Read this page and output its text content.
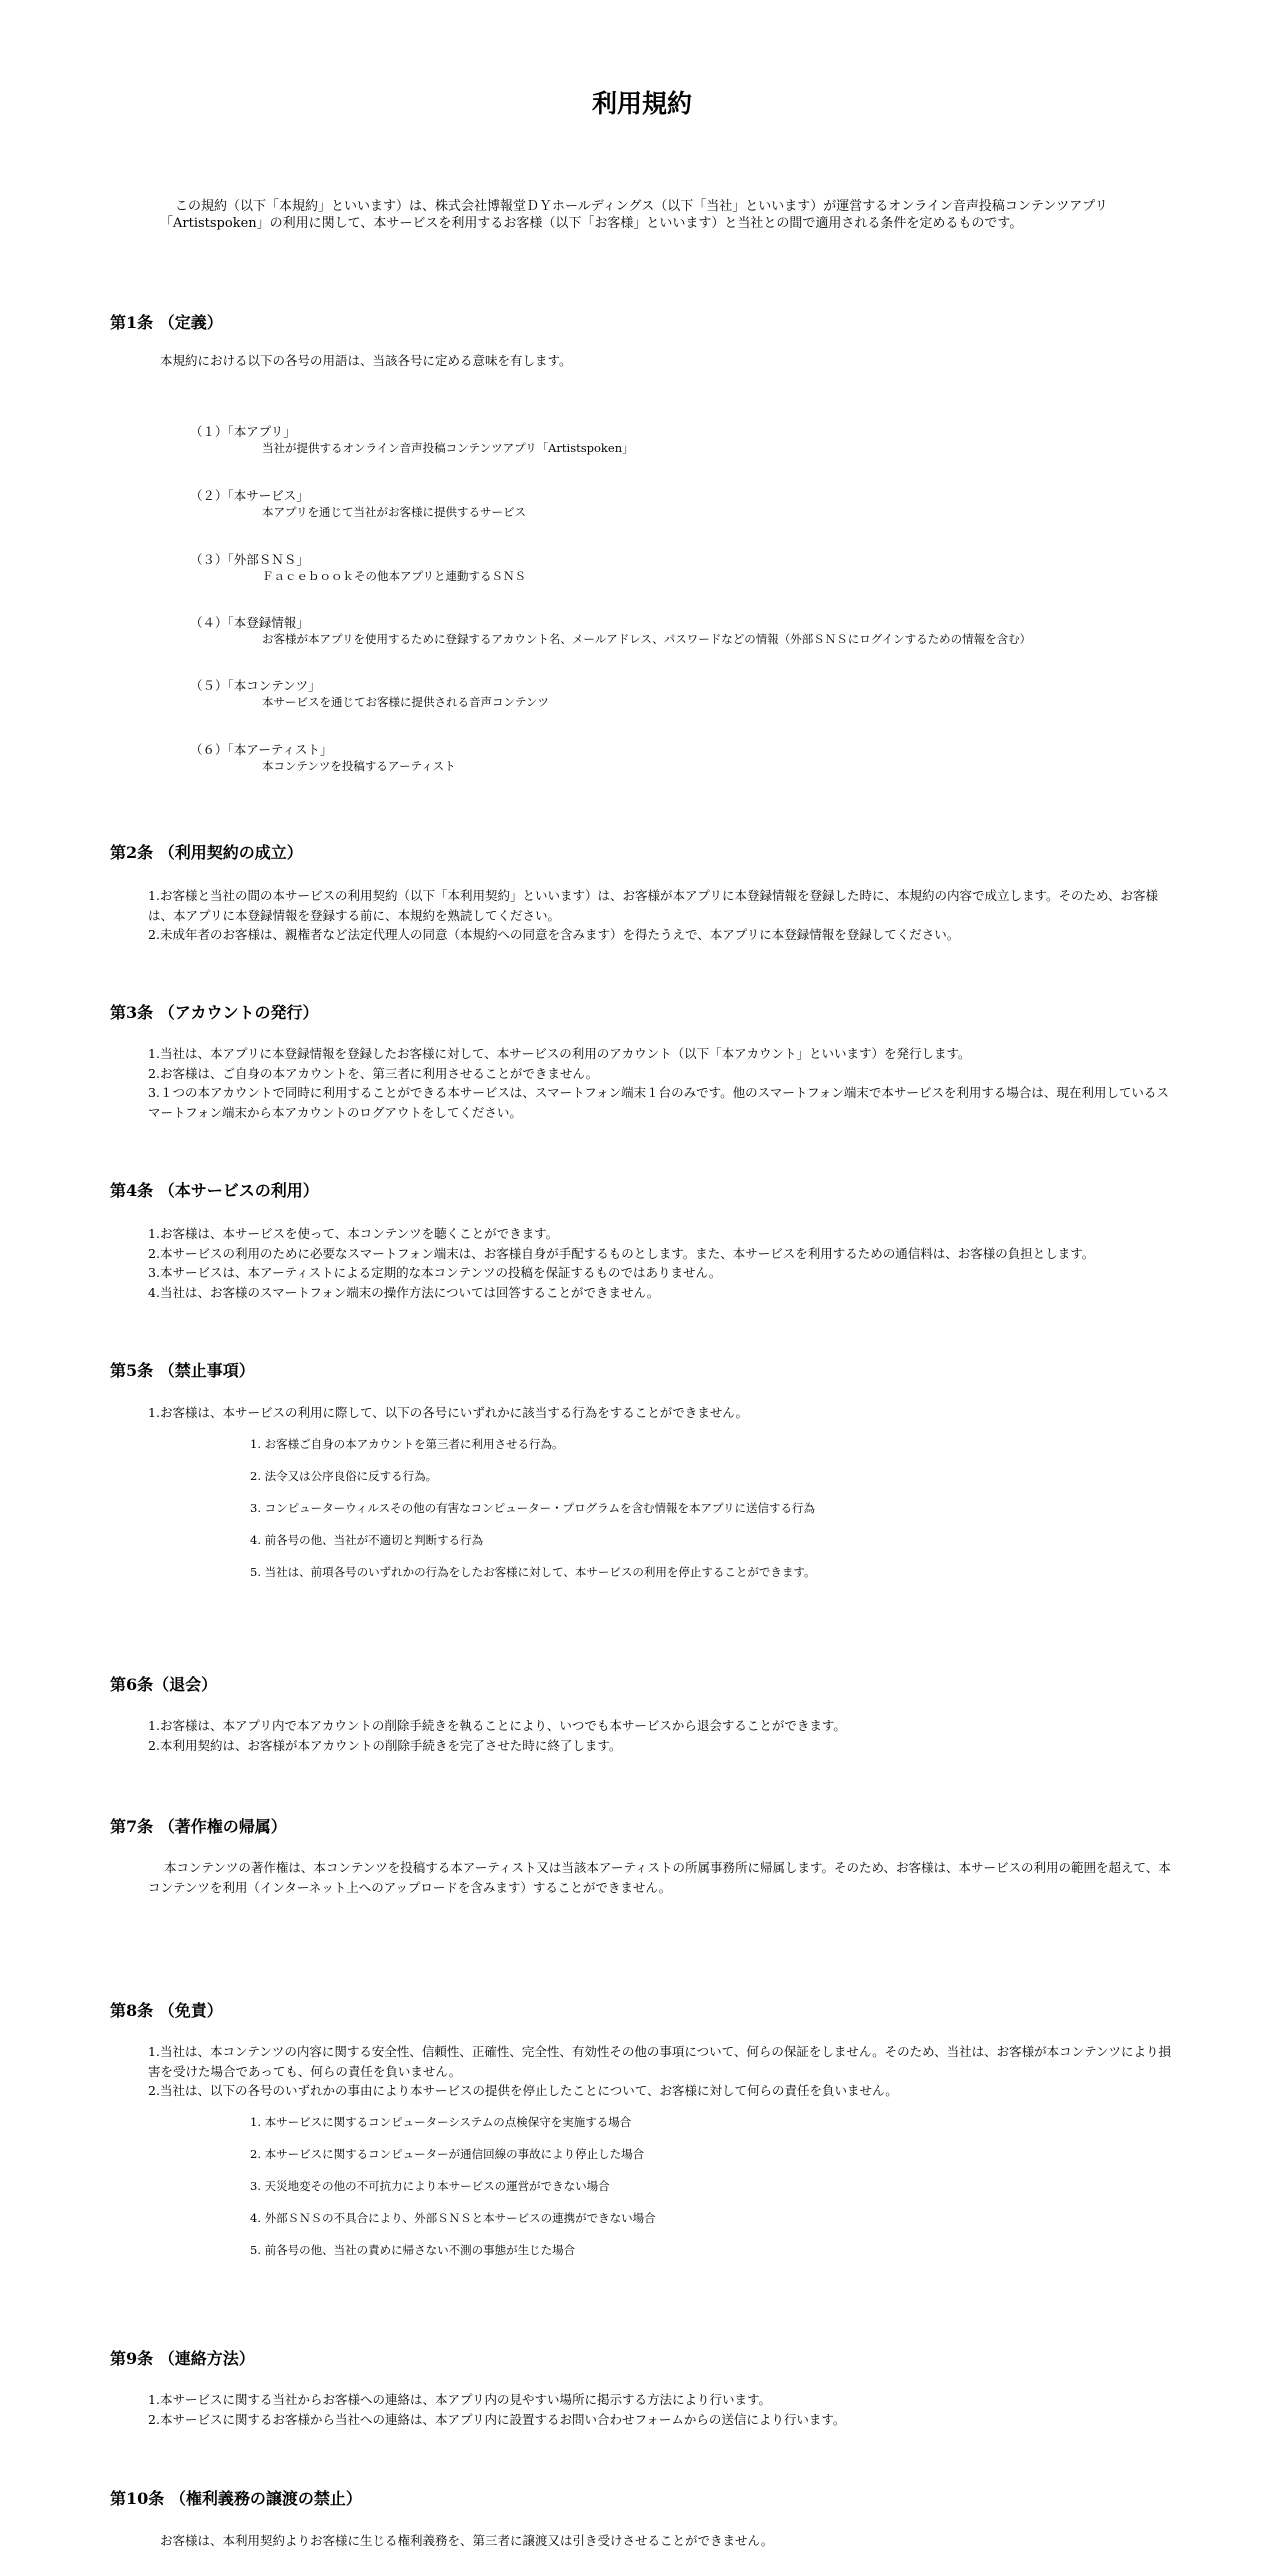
利用規約

この規約（以下「本規約」といいます）は、株式会社博報堂ＤＹホールディングス（以下「当社」といいます）が運営するオンライン音声投稿コンテンツアプリ「Artistspoken」の利用に関して、本サービスを利用するお客様（以下「お客様」といいます）と当社との間で適用される条件を定めるものです。

第1条 （定義）

本規約における以下の各号の用語は、当該各号に定める意味を有します。

（１）「本アプリ」
当社が提供するオンライン音声投稿コンテンツアプリ「Artistspoken」
（２）「本サービス」
本アプリを通じて当社がお客様に提供するサービス
（３）「外部ＳＮＳ」
Ｆａｃｅｂｏｏｋその他本アプリと連動するＳＮＳ
（４）「本登録情報」
お客様が本アプリを使用するために登録するアカウント名、メールアドレス、パスワードなどの情報（外部ＳＮＳにログインするための情報を含む）
（５）「本コンテンツ」
本サービスを通じてお客様に提供される音声コンテンツ
（６）「本アーティスト」
本コンテンツを投稿するアーティスト
第2条 （利用契約の成立）
1.お客様と当社の間の本サービスの利用契約（以下「本利用契約」といいます）は、お客様が本アプリに本登録情報を登録した時に、本規約の内容で成立します。そのため、お客様は、本アプリに本登録情報を登録する前に、本規約を熟読してください。
2.未成年者のお客様は、親権者など法定代理人の同意（本規約への同意を含みます）を得たうえで、本アプリに本登録情報を登録してください。
第3条 （アカウントの発行）
1.当社は、本アプリに本登録情報を登録したお客様に対して、本サービスの利用のアカウント（以下「本アカウント」といいます）を発行します。
2.お客様は、ご自身の本アカウントを、第三者に利用させることができません。
3.１つの本アカウントで同時に利用することができる本サービスは、スマートフォン端末１台のみです。他のスマートフォン端末で本サービスを利用する場合は、現在利用しているスマートフォン端末から本アカウントのログアウトをしてください。
第4条 （本サービスの利用）
1.お客様は、本サービスを使って、本コンテンツを聴くことができます。
2.本サービスの利用のために必要なスマートフォン端末は、お客様自身が手配するものとします。また、本サービスを利用するための通信料は、お客様の負担とします。
3.本サービスは、本アーティストによる定期的な本コンテンツの投稿を保証するものではありません。
4.当社は、お客様のスマートフォン端末の操作方法については回答することができません。
第5条 （禁止事項）
1.お客様は、本サービスの利用に際して、以下の各号にいずれかに該当する行為をすることができません。

1. お客様ご自身の本アカウントを第三者に利用させる行為。

2. 法令又は公序良俗に反する行為。

3. コンピューターウィルスその他の有害なコンピューター・プログラムを含む情報を本アプリに送信する行為

4. 前各号の他、当社が不適切と判断する行為

5. 当社は、前項各号のいずれかの行為をしたお客様に対して、本サービスの利用を停止することができます。

第6条（退会）
1.お客様は、本アプリ内で本アカウントの削除手続きを執ることにより、いつでも本サービスから退会することができます。
2.本利用契約は、お客様が本アカウントの削除手続きを完了させた時に終了します。
第7条 （著作権の帰属）

本コンテンツの著作権は、本コンテンツを投稿する本アーティスト又は当該本アーティストの所属事務所に帰属します。そのため、お客様は、本サービスの利用の範囲を超えて、本コンテンツを利用（インターネット上へのアップロードを含みます）することができません。

第8条 （免責）
1.当社は、本コンテンツの内容に関する安全性、信頼性、正確性、完全性、有効性その他の事項について、何らの保証をしません。そのため、当社は、お客様が本コンテンツにより損害を受けた場合であっても、何らの責任を負いません。
2.当社は、以下の各号のいずれかの事由により本サービスの提供を停止したことについて、お客様に対して何らの責任を負いません。

1. 本サービスに関するコンピューターシステムの点検保守を実施する場合

2. 本サービスに関するコンピューターが通信回線の事故により停止した場合

3. 天災地変その他の不可抗力により本サービスの運営ができない場合

4. 外部ＳＮＳの不具合により、外部ＳＮＳと本サービスの連携ができない場合

5. 前各号の他、当社の責めに帰さない不測の事態が生じた場合

第9条 （連絡方法）
1.本サービスに関する当社からお客様への連絡は、本アプリ内の見やすい場所に掲示する方法により行います。
2.本サービスに関するお客様から当社への連絡は、本アプリ内に設置するお問い合わせフォームからの送信により行います。
第10条 （権利義務の譲渡の禁止）

お客様は、本利用契約よりお客様に生じる権利義務を、第三者に譲渡又は引き受けさせることができません。
